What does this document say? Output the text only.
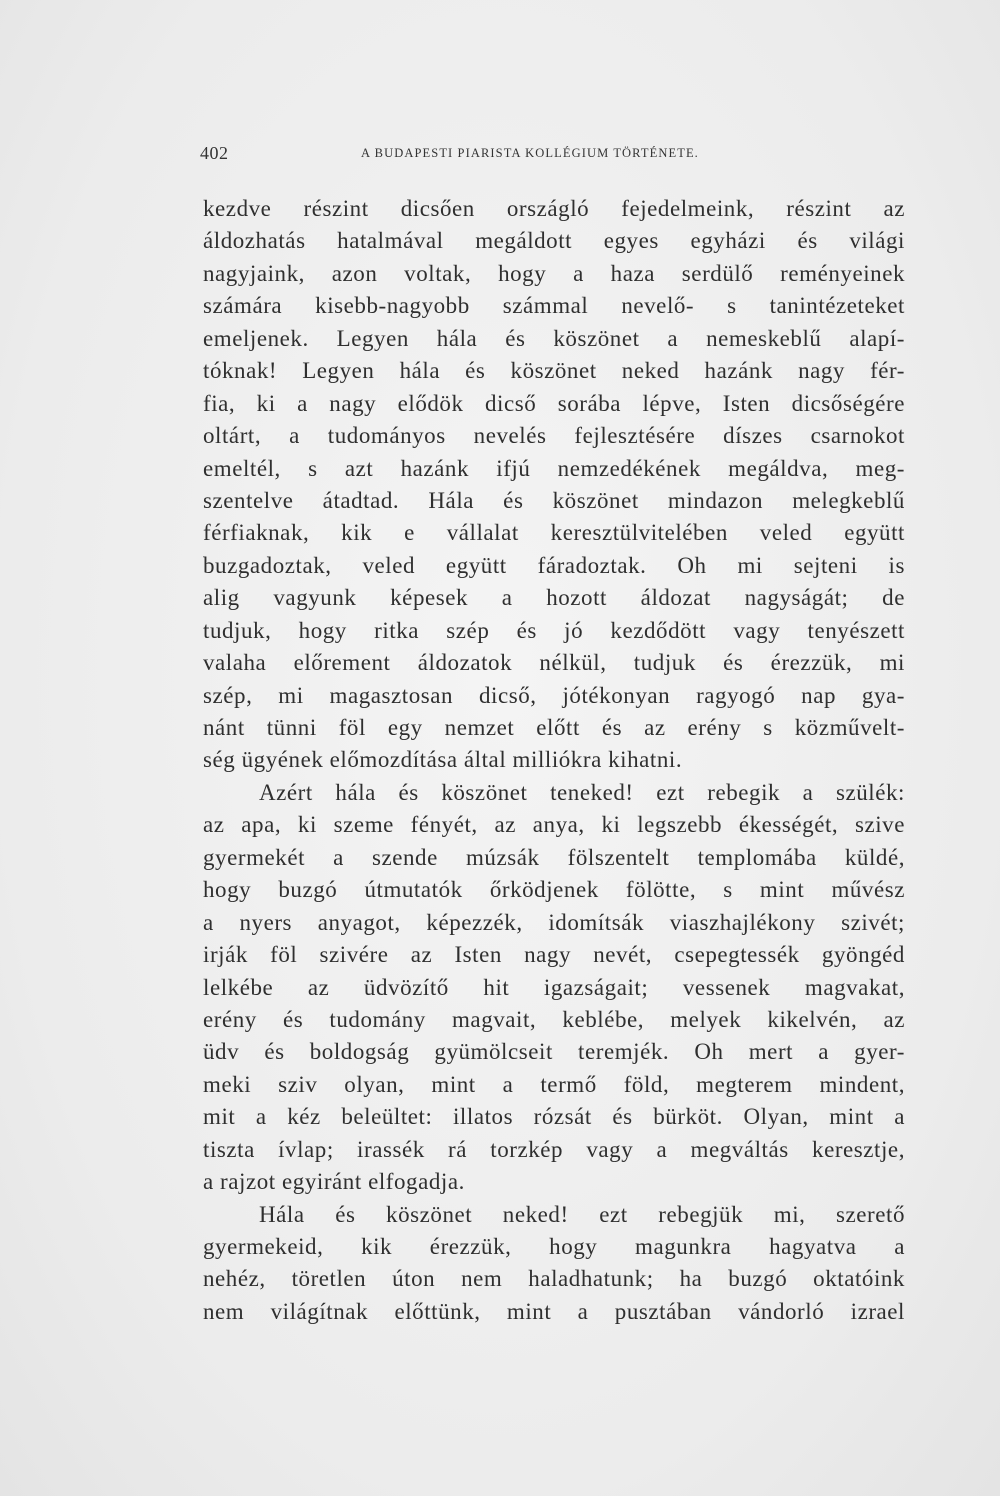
402	A BUDAPESTI PIARISTA KOLLÉGIUM TÖRTÉNETE.
kezdve részint dicsően országló fejedelmeink, részint az
áldozhatás hatalmával megáldott egyes egyházi és világi
nagyjaink, azon voltak, hogy a haza serdülő reményeinek
számára kisebb-nagyobb számmal nevelő- s tanintézeteket
emeljenek. Legyen hála és köszönet a nemeskeblű alapí-
tóknak! Legyen hála és köszönet neked hazánk nagy fér-
fia, ki a nagy elődök dicső sorába lépve, Isten dicsőségére
oltárt, a tudományos nevelés fejlesztésére díszes csarnokot
emeltél, s azt hazánk ifjú nemzedékének megáldva, meg-
szentelve átadtad. Hála és köszönet mindazon melegkeblű
férfiaknak, kik e vállalat keresztülvitelében veled együtt
buzgadoztak, veled együtt fáradoztak. Oh mi sejteni is
alig vagyunk képesek a hozott áldozat nagyságát; de
tudjuk, hogy ritka szép és jó kezdődött vagy tenyészett
valaha előrement áldozatok nélkül, tudjuk és érezzük, mi
szép, mi magasztosan dicső, jótékonyan ragyogó nap gya-
nánt tünni föl egy nemzet előtt és az erény s közművelt-
ség ügyének előmozdítása által milliókra kihatni.
Azért hála és köszönet teneked! ezt rebegik a szülék:
az apa, ki szeme fényét, az anya, ki legszebb ékességét, szive
gyermekét a szende múzsák fölszentelt templomába küldé,
hogy buzgó útmutatók őrködjenek fölötte, s mint művész
a nyers anyagot, képezzék, idomítsák viaszhajlékony szivét;
irják föl szivére az Isten nagy nevét, csepegtessék gyöngéd
lelkébe az üdvözítő hit igazságait; vessenek magvakat,
erény és tudomány magvait, keblébe, melyek kikelvén, az
üdv és boldogság gyümölcseit teremjék. Oh mert a gyer-
meki sziv olyan, mint a termő föld, megterem mindent,
mit a kéz beleültet: illatos rózsát és bürköt. Olyan, mint a
tiszta ívlap; irassék rá torzkép vagy a megváltás keresztje,
a rajzot egyiránt elfogadja.
Hála és köszönet neked! ezt rebegjük mi, szerető
gyermekeid, kik érezzük, hogy magunkra hagyatva a
nehéz, töretlen úton nem haladhatunk; ha buzgó oktatóink
nem világítnak előttünk, mint a pusztában vándorló izrael
